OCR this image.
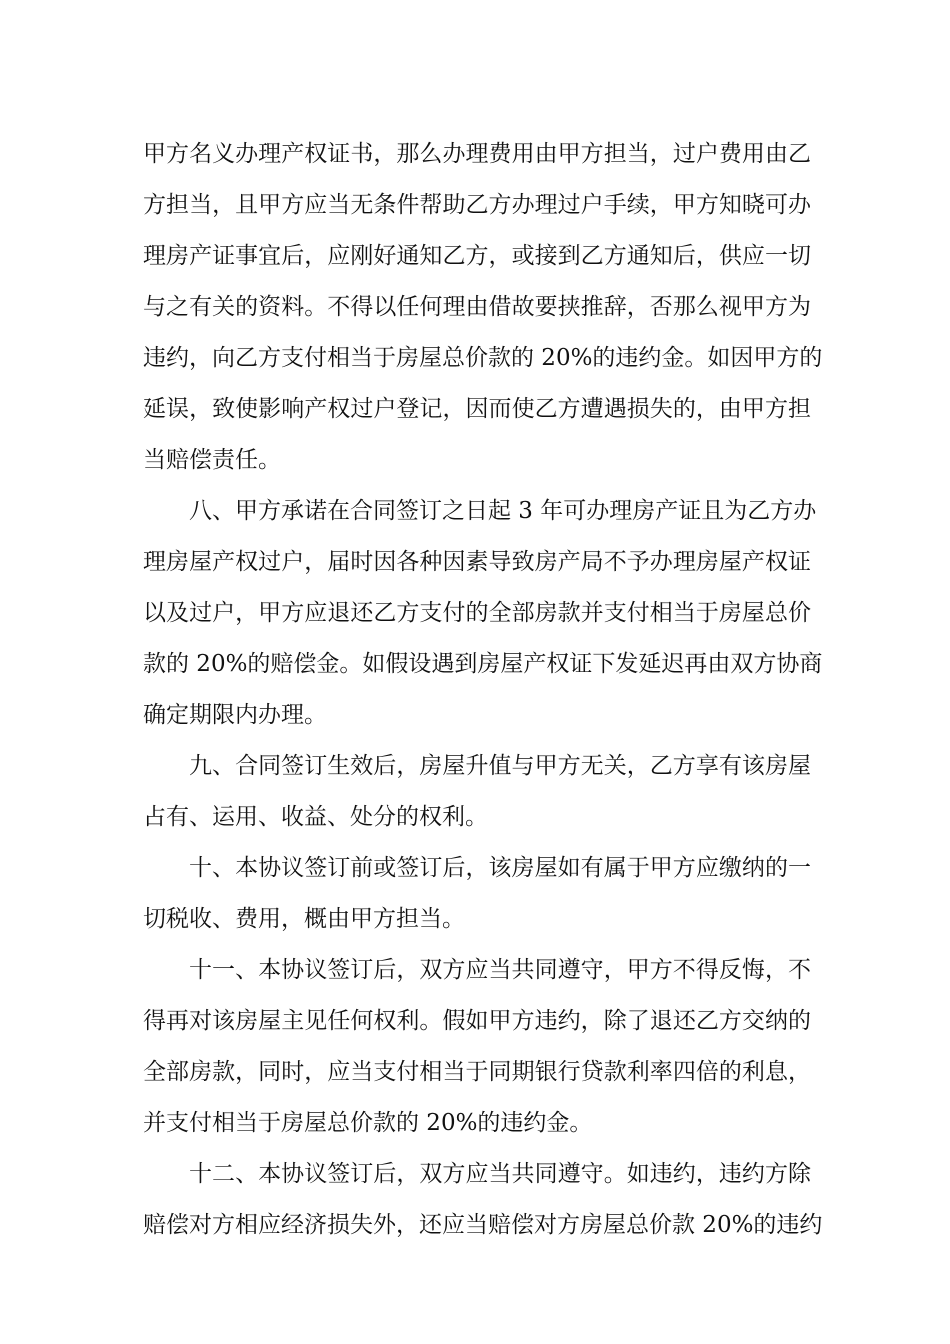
甲方名义办理产权证书，那么办理费用由甲方担当，过户费用由乙
方担当，且甲方应当无条件帮助乙方办理过户手续，甲方知晓可办
理房产证事宜后，应刚好通知乙方，或接到乙方通知后，供应一切
与之有关的资料。不得以任何理由借故要挟推辞，否那么视甲方为
违约，向乙方支付相当于房屋总价款的 20%的违约金。如因甲方的
延误，致使影响产权过户登记，因而使乙方遭遇损失的，由甲方担
当赔偿责任。
八、甲方承诺在合同签订之日起 3 年可办理房产证且为乙方办
理房屋产权过户，届时因各种因素导致房产局不予办理房屋产权证
以及过户，甲方应退还乙方支付的全部房款并支付相当于房屋总价
款的 20%的赔偿金。如假设遇到房屋产权证下发延迟再由双方协商
确定期限内办理。
九、合同签订生效后，房屋升值与甲方无关，乙方享有该房屋
占有、运用、收益、处分的权利。
十、本协议签订前或签订后，该房屋如有属于甲方应缴纳的一
切税收、费用，概由甲方担当。
十一、本协议签订后，双方应当共同遵守，甲方不得反悔，不
得再对该房屋主见任何权利。假如甲方违约，除了退还乙方交纳的
全部房款，同时，应当支付相当于同期银行贷款利率四倍的利息，
并支付相当于房屋总价款的 20%的违约金。
十二、本协议签订后，双方应当共同遵守。如违约，违约方除
赔偿对方相应经济损失外，还应当赔偿对方房屋总价款 20%的违约
